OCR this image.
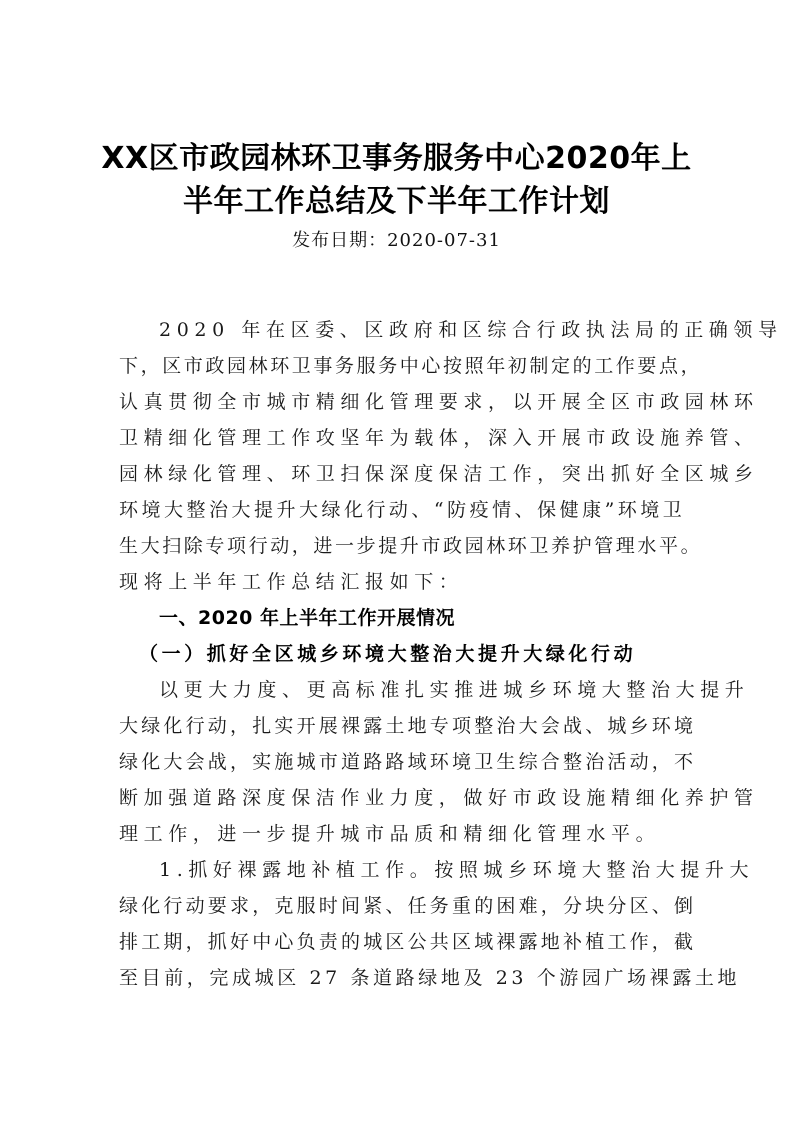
XX区市政园林环卫事务服务中心2020年上
半年工作总结及下半年工作计划
发布日期：2020-07-31
2020 年在区委、区政府和区综合行政执法局的正确领导
下，区市政园林环卫事务服务中心按照年初制定的工作要点，
认真贯彻全市城市精细化管理要求，以开展全区市政园林环
卫精细化管理工作攻坚年为载体，深入开展市政设施养管、
园林绿化管理、环卫扫保深度保洁工作，突出抓好全区城乡
环境大整治大提升大绿化行动、“防疫情、保健康”环境卫
生大扫除专项行动，进一步提升市政园林环卫养护管理水平。
现将上半年工作总结汇报如下：
一、2020 年上半年工作开展情况
（一）抓好全区城乡环境大整治大提升大绿化行动
以更大力度、更高标准扎实推进城乡环境大整治大提升
大绿化行动，扎实开展裸露土地专项整治大会战、城乡环境
绿化大会战，实施城市道路路域环境卫生综合整治活动，不
断加强道路深度保洁作业力度，做好市政设施精细化养护管
理工作，进一步提升城市品质和精细化管理水平。
1.抓好裸露地补植工作。按照城乡环境大整治大提升大
绿化行动要求，克服时间紧、任务重的困难，分块分区、倒
排工期，抓好中心负责的城区公共区域裸露地补植工作，截
至目前，完成城区 27 条道路绿地及 23 个游园广场裸露土地
